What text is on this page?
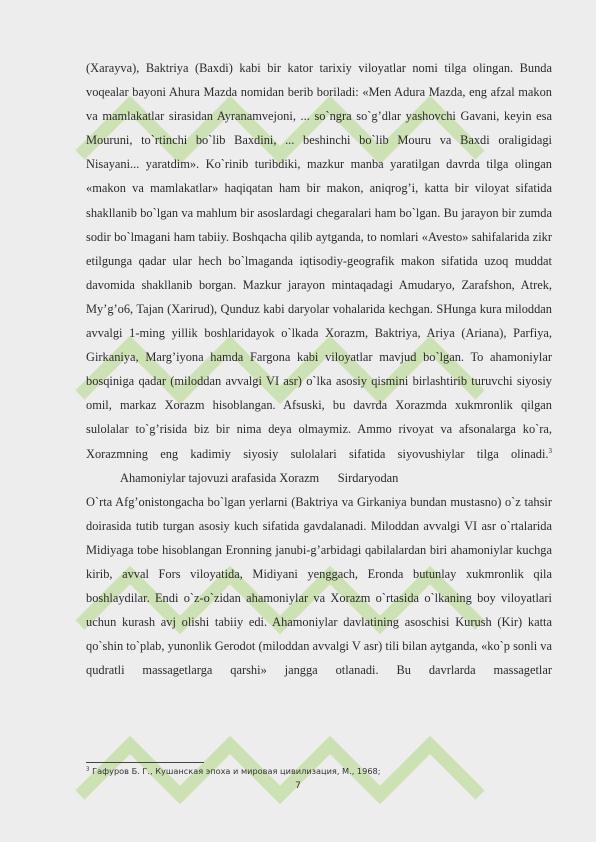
(Xarayva), Baktriya (Baxdi) kabi bir kator tarixiy viloyatlar nomi tilga olingan. Bunda voqealar bayoni Ahura Mazda nomidan berib boriladi: «Men Adura Mazda, eng afzal makon va mamlakatlar sirasidan Ayranamvejoni, ... so`ngra so`g’dlar yashovchi Gavani, keyin esa Mouruni, to`rtinchi bo`lib Baxdini, ... beshinchi bo`lib Mouru va Baxdi oraligidagi Nisayani... yaratdim». Ko`rinib turibdiki, mazkur manba yaratilgan davrda tilga olingan «makon va mamlakatlar» haqiqatan ham bir makon, aniqrog’i, katta bir viloyat sifatida shakllanib bo`lgan va mahlum bir asoslardagi chegaralari ham bo`lgan. Bu jarayon bir zumda sodir bo`lmagani ham tabiiy. Boshqacha qilib aytganda, to nomlari «Avesto» sahifalarida zikr etilgunga qadar ular hech bo`lmaganda iqtisodiy-geografik makon sifatida uzoq muddat davomida shakllanib borgan. Mazkur jarayon mintaqadagi Amudaryo, Zarafshon, Atrek, My’g’o6, Tajan (Xarirud), Qunduz kabi daryolar vohalarida kechgan. SHunga kura miloddan avvalgi 1-ming yillik boshlaridayok o`lkada Xorazm, Baktriya, Ariya (Ariana), Parfiya, Girkaniya, Marg’iyona hamda Fargona kabi viloyatlar mavjud bo`lgan. To ahamoniylar bosqiniga qadar (miloddan avvalgi VI asr) o`lka asosiy qismini birlashtirib turuvchi siyosiy omil, markaz Xorazm hisoblangan. Afsuski, bu davrda Xorazmda xukmronlik qilgan sulolalar to`g’risida biz bir nima deya olmaymiz. Ammo rivoyat va afsonalarga ko`ra, Xorazmning eng kadimiy siyosiy sulolalari sifatida siyovushiylar tilga olinadi.$^3$

Ahamoniylar tajovuzi arafasida Xorazm      Sirdaryodan

O`rta Afg’onistongacha bo`lgan yerlarni (Baktriya va Girkaniya bundan mustasno) o`z tahsir doirasida tutib turgan asosiy kuch sifatida gavdalanadi. Miloddan avvalgi VI asr o`rtalarida Midiyaga tobe hisoblangan Eronning janubi-g’arbidagi qabilalardan biri ahamoniylar kuchga kirib, avval Fors viloyatida, Midiyani yenggach, Eronda butunlay xukmronlik qila boshlaydilar. Endi o`z-o`zidan ahamoniylar va Xorazm o`rtasida o`lkaning boy viloyatlari uchun kurash avj olishi tabiiy edi. Ahamoniylar davlatining asoschisi Kurush (Kir) katta qo`shin to`plab, yunonlik Gerodot (miloddan avvalgi V asr) tili bilan aytganda, «ko`p sonli va qudratli massagetlarga qarshi» jangga otlanadi. Bu davrlarda massagetlar

$^3$ Гафуров Б. Г., Кушанская эпоха и мировая цивилизация, М., 1968;
7
